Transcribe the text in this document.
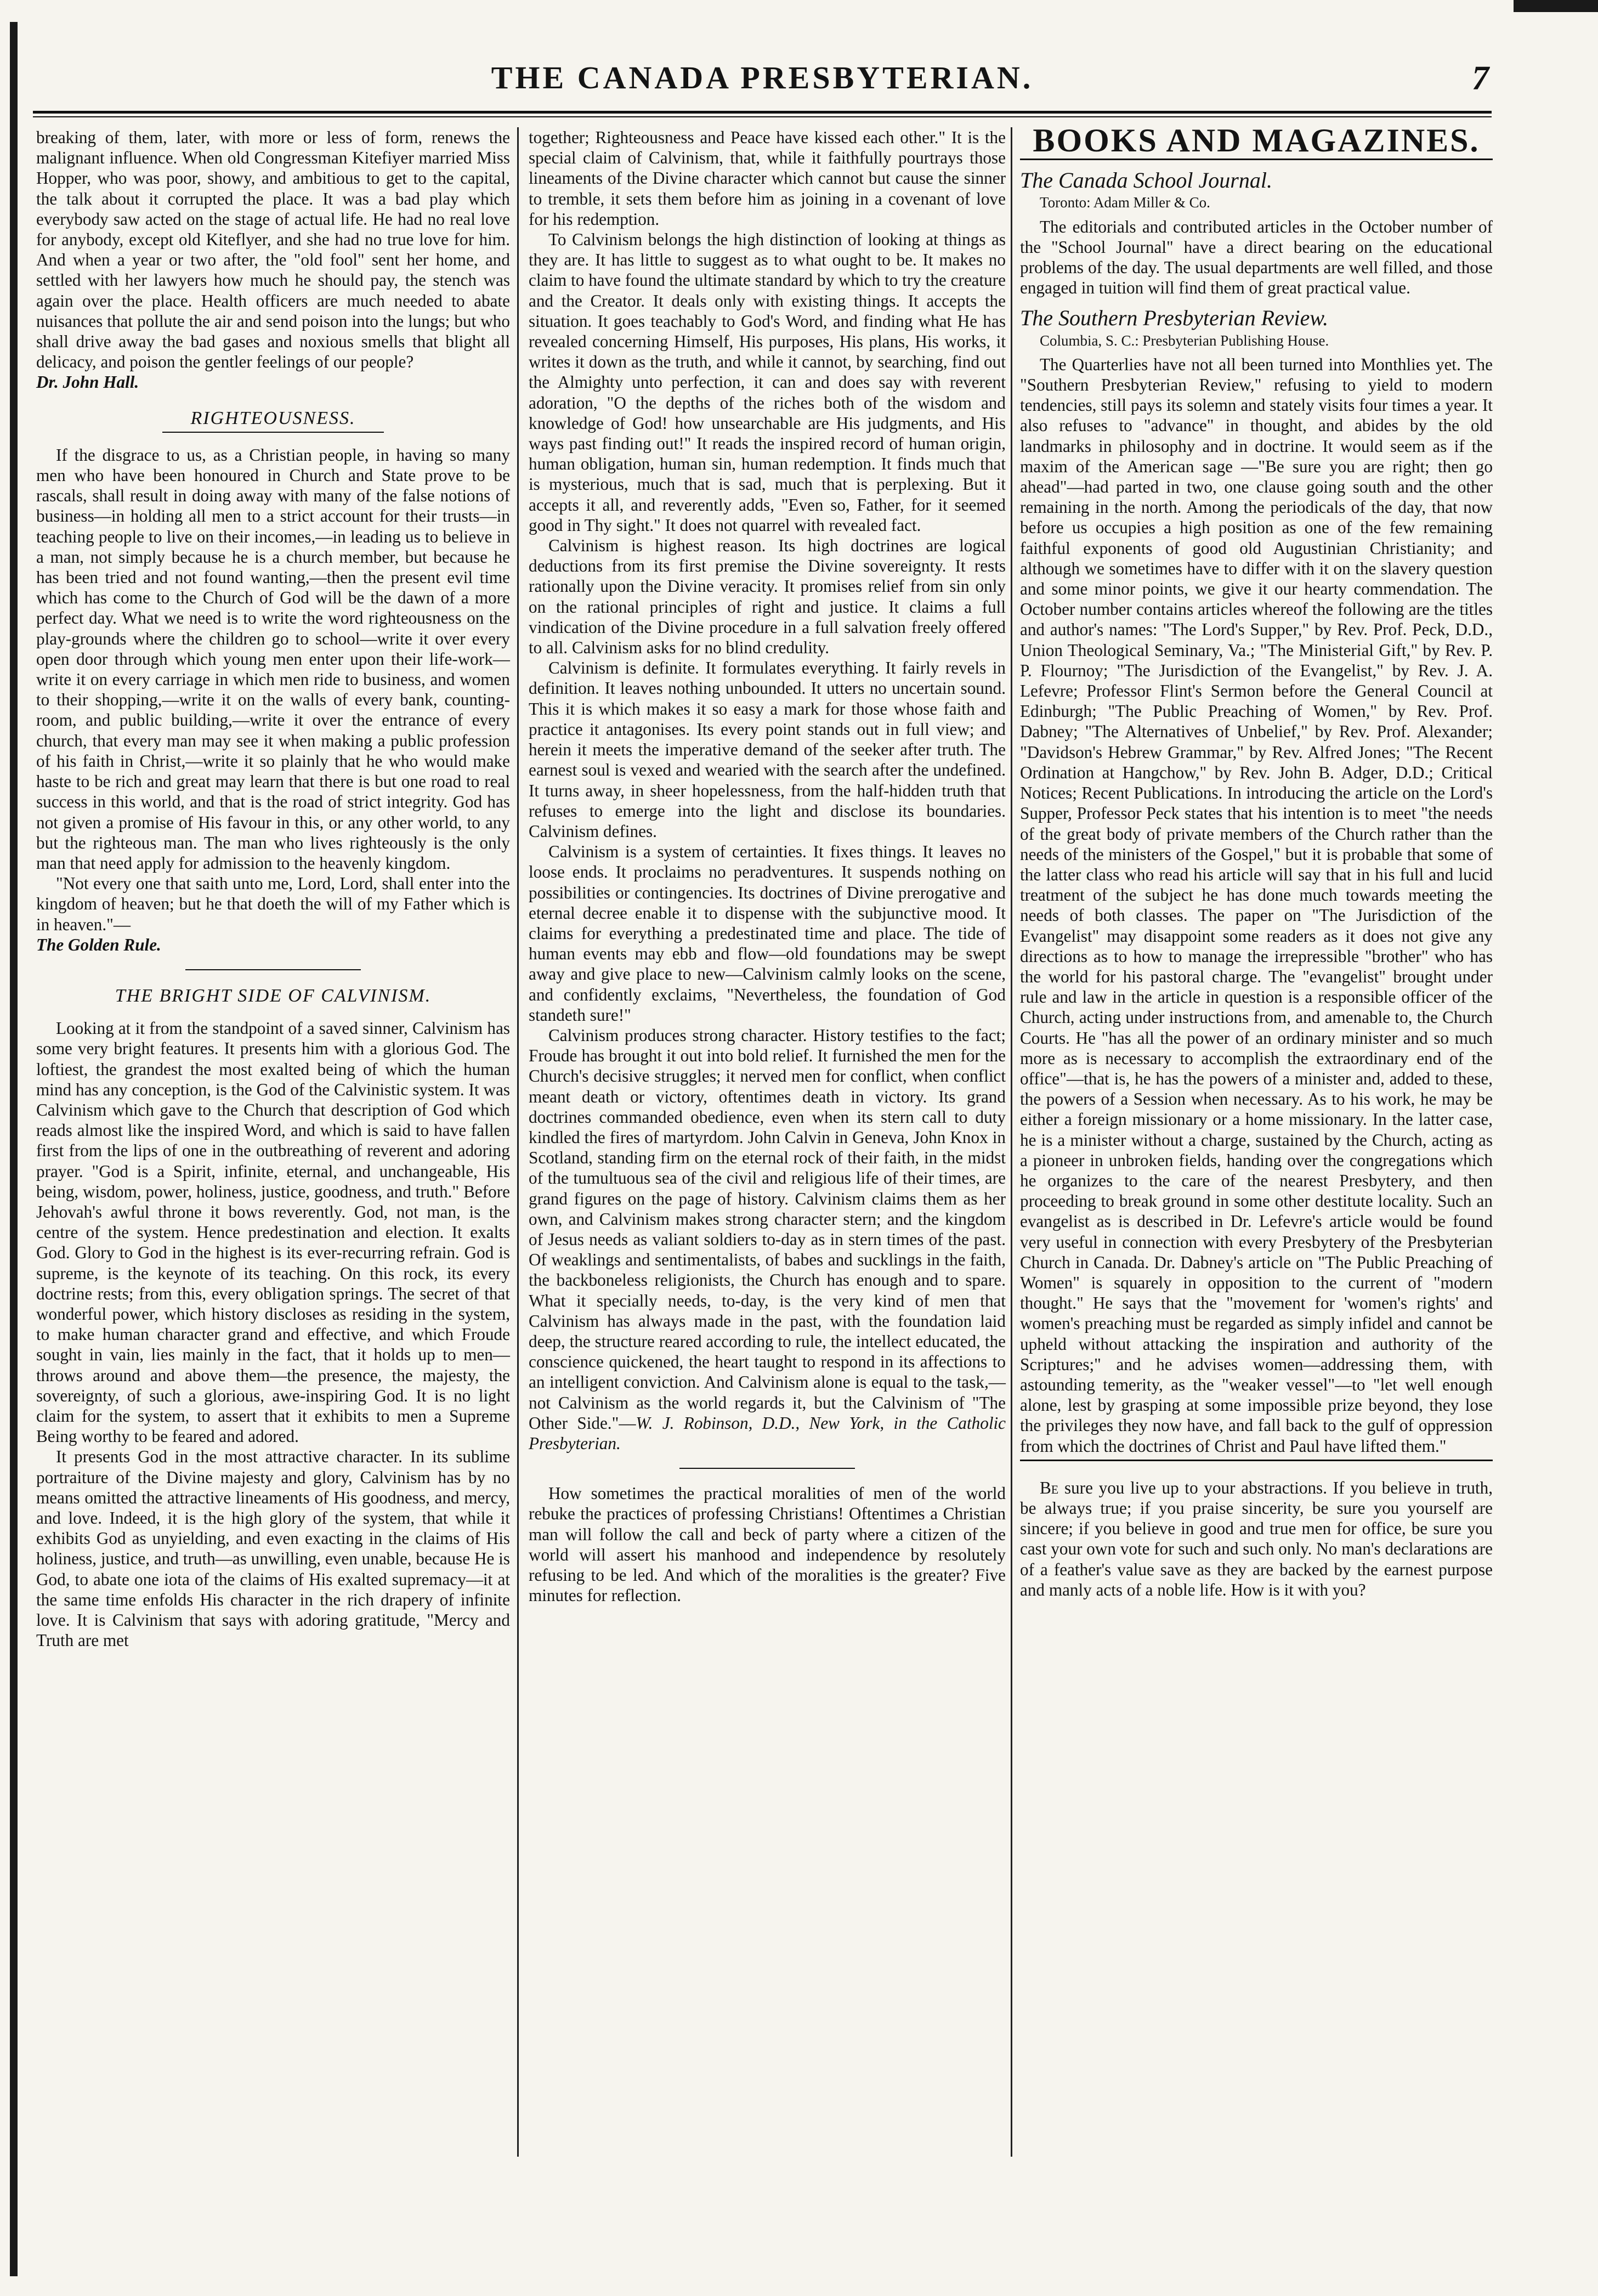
THE CANADA PRESBYTERIAN.	7

breaking of them, later, with more or less of form, renews the malignant influence. When old Congressman Kitefiyer married Miss Hopper, who was poor, showy, and ambitious to get to the capital, the talk about it corrupted the place. It was a bad play which everybody saw acted on the stage of actual life. He had no real love for anybody, except old Kiteflyer, and she had no true love for him. And when a year or two after, the "old fool" sent her home, and settled with her lawyers how much he should pay, the stench was again over the place. Health officers are much needed to abate nuisances that pollute the air and send poison into the lungs; but who shall drive away the bad gases and noxious smells that blight all delicacy, and poison the gentler feelings of our people?

Dr. John Hall.

RIGHTEOUSNESS.

If the disgrace to us, as a Christian people, in having so many men who have been honoured in Church and State prove to be rascals, shall result in doing away with many of the false notions of business—in holding all men to a strict account for their trusts—in teaching people to live on their incomes,—in leading us to believe in a man, not simply because he is a church member, but because he has been tried and not found wanting,—then the present evil time which has come to the Church of God will be the dawn of a more perfect day. What we need is to write the word righteousness on the play-grounds where the children go to school—write it over every open door through which young men enter upon their life-work—write it on every carriage in which men ride to business, and women to their shopping,—write it on the walls of every bank, counting-room, and public building,—write it over the entrance of every church, that every man may see it when making a public profession of his faith in Christ,—write it so plainly that he who would make haste to be rich and great may learn that there is but one road to real success in this world, and that is the road of strict integrity. God has not given a promise of His favour in this, or any other world, to any but the righteous man. The man who lives righteously is the only man that need apply for admission to the heavenly kingdom.

"Not every one that saith unto me, Lord, Lord, shall enter into the kingdom of heaven; but he that doeth the will of my Father which is in heaven."—

The Golden Rule.

THE BRIGHT SIDE OF CALVINISM.

Looking at it from the standpoint of a saved sinner, Calvinism has some very bright features. It presents him with a glorious God. The loftiest, the grandest the most exalted being of which the human mind has any conception, is the God of the Calvinistic system. It was Calvinism which gave to the Church that description of God which reads almost like the inspired Word, and which is said to have fallen first from the lips of one in the outbreathing of reverent and adoring prayer. "God is a Spirit, infinite, eternal, and unchangeable, His being, wisdom, power, holiness, justice, goodness, and truth." Before Jehovah's awful throne it bows reverently. God, not man, is the centre of the system. Hence predestination and election. It exalts God. Glory to God in the highest is its ever-recurring refrain. God is supreme, is the keynote of its teaching. On this rock, its every doctrine rests; from this, every obligation springs. The secret of that wonderful power, which history discloses as residing in the system, to make human character grand and effective, and which Froude sought in vain, lies mainly in the fact, that it holds up to men—throws around and above them—the presence, the majesty, the sovereignty, of such a glorious, awe-inspiring God. It is no light claim for the system, to assert that it exhibits to men a Supreme Being worthy to be feared and adored.

It presents God in the most attractive character. In its sublime portraiture of the Divine majesty and glory, Calvinism has by no means omitted the attractive lineaments of His goodness, and mercy, and love. Indeed, it is the high glory of the system, that while it exhibits God as unyielding, and even exacting in the claims of His holiness, justice, and truth—as unwilling, even unable, because He is God, to abate one iota of the claims of His exalted supremacy—it at the same time enfolds His character in the rich drapery of infinite love. It is Calvinism that says with adoring gratitude, "Mercy and Truth are met

together; Righteousness and Peace have kissed each other." It is the special claim of Calvinism, that, while it faithfully pourtrays those lineaments of the Divine character which cannot but cause the sinner to tremble, it sets them before him as joining in a covenant of love for his redemption.

To Calvinism belongs the high distinction of looking at things as they are. It has little to suggest as to what ought to be. It makes no claim to have found the ultimate standard by which to try the creature and the Creator. It deals only with existing things. It accepts the situation. It goes teachably to God's Word, and finding what He has revealed concerning Himself, His purposes, His plans, His works, it writes it down as the truth, and while it cannot, by searching, find out the Almighty unto perfection, it can and does say with reverent adoration, "O the depths of the riches both of the wisdom and knowledge of God! how unsearchable are His judgments, and His ways past finding out!" It reads the inspired record of human origin, human obligation, human sin, human redemption. It finds much that is mysterious, much that is sad, much that is perplexing. But it accepts it all, and reverently adds, "Even so, Father, for it seemed good in Thy sight." It does not quarrel with revealed fact.

Calvinism is highest reason. Its high doctrines are logical deductions from its first premise the Divine sovereignty. It rests rationally upon the Divine veracity. It promises relief from sin only on the rational principles of right and justice. It claims a full vindication of the Divine procedure in a full salvation freely offered to all. Calvinism asks for no blind credulity.

Calvinism is definite. It formulates everything. It fairly revels in definition. It leaves nothing unbounded. It utters no uncertain sound. This it is which makes it so easy a mark for those whose faith and practice it antagonises. Its every point stands out in full view; and herein it meets the imperative demand of the seeker after truth. The earnest soul is vexed and wearied with the search after the undefined. It turns away, in sheer hopelessness, from the half-hidden truth that refuses to emerge into the light and disclose its boundaries. Calvinism defines.

Calvinism is a system of certainties. It fixes things. It leaves no loose ends. It proclaims no peradventures. It suspends nothing on possibilities or contingencies. Its doctrines of Divine prerogative and eternal decree enable it to dispense with the subjunctive mood. It claims for everything a predestinated time and place. The tide of human events may ebb and flow—old foundations may be swept away and give place to new—Calvinism calmly looks on the scene, and confidently exclaims, "Nevertheless, the foundation of God standeth sure!"

Calvinism produces strong character. History testifies to the fact; Froude has brought it out into bold relief. It furnished the men for the Church's decisive struggles; it nerved men for conflict, when conflict meant death or victory, oftentimes death in victory. Its grand doctrines commanded obedience, even when its stern call to duty kindled the fires of martyrdom. John Calvin in Geneva, John Knox in Scotland, standing firm on the eternal rock of their faith, in the midst of the tumultuous sea of the civil and religious life of their times, are grand figures on the page of history. Calvinism claims them as her own, and Calvinism makes strong character stern; and the kingdom of Jesus needs as valiant soldiers to-day as in stern times of the past. Of weaklings and sentimentalists, of babes and sucklings in the faith, the backboneless religionists, the Church has enough and to spare. What it specially needs, to-day, is the very kind of men that Calvinism has always made in the past, with the foundation laid deep, the structure reared according to rule, the intellect educated, the conscience quickened, the heart taught to respond in its affections to an intelligent conviction. And Calvinism alone is equal to the task,—not Calvinism as the world regards it, but the Calvinism of "The Other Side."—W. J. Robinson, D.D., New York, in the Catholic Presbyterian.

How sometimes the practical moralities of men of the world rebuke the practices of professing Christians! Oftentimes a Christian man will follow the call and beck of party where a citizen of the world will assert his manhood and independence by resolutely refusing to be led. And which of the moralities is the greater? Five minutes for reflection.

BOOKS AND MAGAZINES.
The Canada School Journal.
Toronto: Adam Miller & Co.

The editorials and contributed articles in the October number of the "School Journal" have a direct bearing on the educational problems of the day. The usual departments are well filled, and those engaged in tuition will find them of great practical value.

The Southern Presbyterian Review.
Columbia, S. C.: Presbyterian Publishing House.

The Quarterlies have not all been turned into Monthlies yet. The "Southern Presbyterian Review," refusing to yield to modern tendencies, still pays its solemn and stately visits four times a year. It also refuses to "advance" in thought, and abides by the old landmarks in philosophy and in doctrine. It would seem as if the maxim of the American sage —"Be sure you are right; then go ahead"—had parted in two, one clause going south and the other remaining in the north. Among the periodicals of the day, that now before us occupies a high position as one of the few remaining faithful exponents of good old Augustinian Christianity; and although we sometimes have to differ with it on the slavery question and some minor points, we give it our hearty commendation. The October number contains articles whereof the following are the titles and author's names: "The Lord's Supper," by Rev. Prof. Peck, D.D., Union Theological Seminary, Va.; "The Ministerial Gift," by Rev. P. P. Flournoy; "The Jurisdiction of the Evangelist," by Rev. J. A. Lefevre; Professor Flint's Sermon before the General Council at Edinburgh; "The Public Preaching of Women," by Rev. Prof. Dabney; "The Alternatives of Unbelief," by Rev. Prof. Alexander; "Davidson's Hebrew Grammar," by Rev. Alfred Jones; "The Recent Ordination at Hangchow," by Rev. John B. Adger, D.D.; Critical Notices; Recent Publications. In introducing the article on the Lord's Supper, Professor Peck states that his intention is to meet "the needs of the great body of private members of the Church rather than the needs of the ministers of the Gospel," but it is probable that some of the latter class who read his article will say that in his full and lucid treatment of the subject he has done much towards meeting the needs of both classes. The paper on "The Jurisdiction of the Evangelist" may disappoint some readers as it does not give any directions as to how to manage the irrepressible "brother" who has the world for his pastoral charge. The "evangelist" brought under rule and law in the article in question is a responsible officer of the Church, acting under instructions from, and amenable to, the Church Courts. He "has all the power of an ordinary minister and so much more as is necessary to accomplish the extraordinary end of the office"—that is, he has the powers of a minister and, added to these, the powers of a Session when necessary. As to his work, he may be either a foreign missionary or a home missionary. In the latter case, he is a minister without a charge, sustained by the Church, acting as a pioneer in unbroken fields, handing over the congregations which he organizes to the care of the nearest Presbytery, and then proceeding to break ground in some other destitute locality. Such an evangelist as is described in Dr. Lefevre's article would be found very useful in connection with every Presbytery of the Presbyterian Church in Canada. Dr. Dabney's article on "The Public Preaching of Women" is squarely in opposition to the current of "modern thought." He says that the "movement for 'women's rights' and women's preaching must be regarded as simply infidel and cannot be upheld without attacking the inspiration and authority of the Scriptures;" and he advises women—addressing them, with astounding temerity, as the "weaker vessel"—to "let well enough alone, lest by grasping at some impossible prize beyond, they lose the privileges they now have, and fall back to the gulf of oppression from which the doctrines of Christ and Paul have lifted them."

Be sure you live up to your abstractions. If you believe in truth, be always true; if you praise sincerity, be sure you yourself are sincere; if you believe in good and true men for office, be sure you cast your own vote for such and such only. No man's declarations are of a feather's value save as they are backed by the earnest purpose and manly acts of a noble life. How is it with you?
